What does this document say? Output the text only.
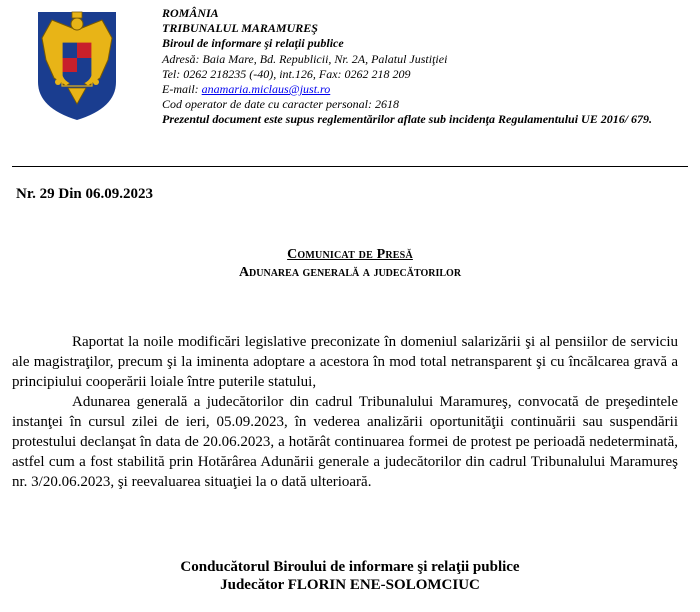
ROMÂNIA
TRIBUNALUL MARAMUREŞ
Biroul de informare şi relaţii publice
Adresă: Baia Mare, Bd. Republicii, Nr. 2A, Palatul Justiţiei
Tel: 0262 218235 (-40), int.126, Fax: 0262 218 209
E-mail: anamaria.miclaus@just.ro
Cod operator de date cu caracter personal: 2618
Prezentul document este supus reglementărilor aflate sub incidenţa Regulamentului UE 2016/ 679.
Nr. 29 Din 06.09.2023
Comunicat de Presă
Adunarea generală a judecătorilor

Raportat la noile modificări legislative preconizate în domeniul salarizării şi al pensiilor de serviciu ale magistraţilor, precum şi la iminenta adoptare a acestora în mod total netransparent şi cu încălcarea gravă a principiului cooperării loiale între puterile statului,

Adunarea generală a judecătorilor din cadrul Tribunalului Maramureş, convocată de preşedintele instanţei în cursul zilei de ieri, 05.09.2023, în vederea analizării oportunităţii continuării sau suspendării protestului declanşat în data de 20.06.2023, a hotărât continuarea formei de protest pe perioadă nedeterminată, astfel cum a fost stabilită prin Hotărârea Adunării generale a judecătorilor din cadrul Tribunalului Maramureş nr. 3/20.06.2023, şi reevaluarea situaţiei la o dată ulterioară.

Conducătorul Biroului de informare şi relaţii publice
Judecător FLORIN ENE-SOLOMCIUC
